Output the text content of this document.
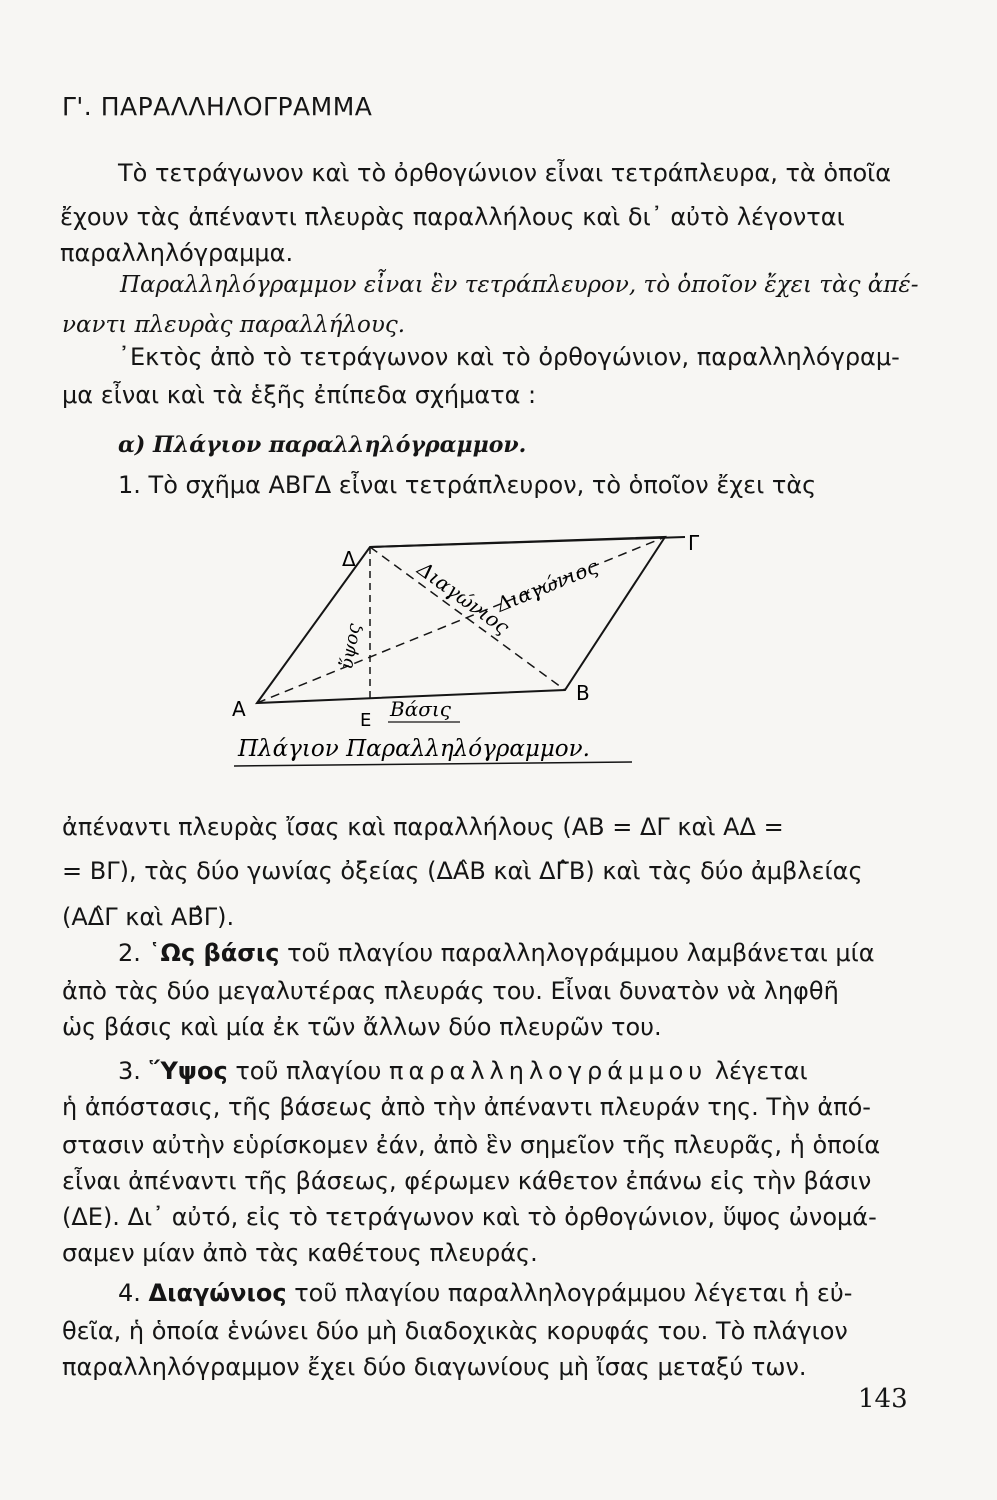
Γ'. ΠΑΡΑΛΛΗΛΟΓΡΑΜΜΑ
Τὸ τετράγωνον καὶ τὸ ὀρθογώνιον εἶναι τετράπλευρα, τὰ ὁποῖα
ἔχουν τὰς ἀπέναντι πλευρὰς παραλλήλους καὶ δι᾽ αὐτὸ λέγονται
παραλληλόγραμμα.
Παραλληλόγραμμον εἶναι ἓν τετράπλευρον, τὸ ὁποῖον ἔχει τὰς ἀπέ-
ναντι πλευρὰς παραλλήλους.
᾽Εκτὸς ἀπὸ τὸ τετράγωνον καὶ τὸ ὀρθογώνιον, παραλληλόγραμ-
μα εἶναι καὶ τὰ ἑξῆς ἐπίπεδα σχήματα :
α) Πλάγιον παραλληλόγραμμον.
1. Τὸ σχῆμα ΑΒΓΔ εἶναι τετράπλευρον, τὸ ὁποῖον ἔχει τὰς
Α
Β
Γ
Δ
Ε Βάσις
ὕψος
Διαγώνιος
Διαγώνιος
Πλάγιον Παραλληλόγραμμον.
ἀπέναντι πλευρὰς ἴσας καὶ παραλλήλους (ΑΒ = ΔΓ καὶ ΑΔ =
= ΒΓ), τὰς δύο γωνίας ὀξείας (ΔΑ̂Β καὶ ΔΓ̂Β) καὶ τὰς δύο ἀμβλείας
(ΑΔ̂Γ καὶ ΑΒ̂Γ).
2. ῾Ως βάσις τοῦ πλαγίου παραλληλογράμμου λαμβάνεται μία
ἀπὸ τὰς δύο μεγαλυτέρας πλευράς του. Εἶναι δυνατὸν νὰ ληφθῆ
ὡς βάσις καὶ μία ἐκ τῶν ἄλλων δύο πλευρῶν του.
3. ῞Υψος τοῦ πλαγίου παραλληλογράμμου λέγεται
ἡ ἀπόστασις, τῆς βάσεως ἀπὸ τὴν ἀπέναντι πλευράν της. Τὴν ἀπό-
στασιν αὐτὴν εὑρίσκομεν ἐάν, ἀπὸ ἓν σημεῖον τῆς πλευρᾶς, ἡ ὁποία
εἶναι ἀπέναντι τῆς βάσεως, φέρωμεν κάθετον ἐπάνω εἰς τὴν βάσιν
(ΔΕ). Δι᾽ αὐτό, εἰς τὸ τετράγωνον καὶ τὸ ὀρθογώνιον, ὕψος ὠνομά-
σαμεν μίαν ἀπὸ τὰς καθέτους πλευράς.
4. Διαγώνιος τοῦ πλαγίου παραλληλογράμμου λέγεται ἡ εὐ-
θεῖα, ἡ ὁποία ἑνώνει δύο μὴ διαδοχικὰς κορυφάς του. Τὸ πλάγιον
παραλληλόγραμμον ἔχει δύο διαγωνίους μὴ ἴσας μεταξύ των.
143
